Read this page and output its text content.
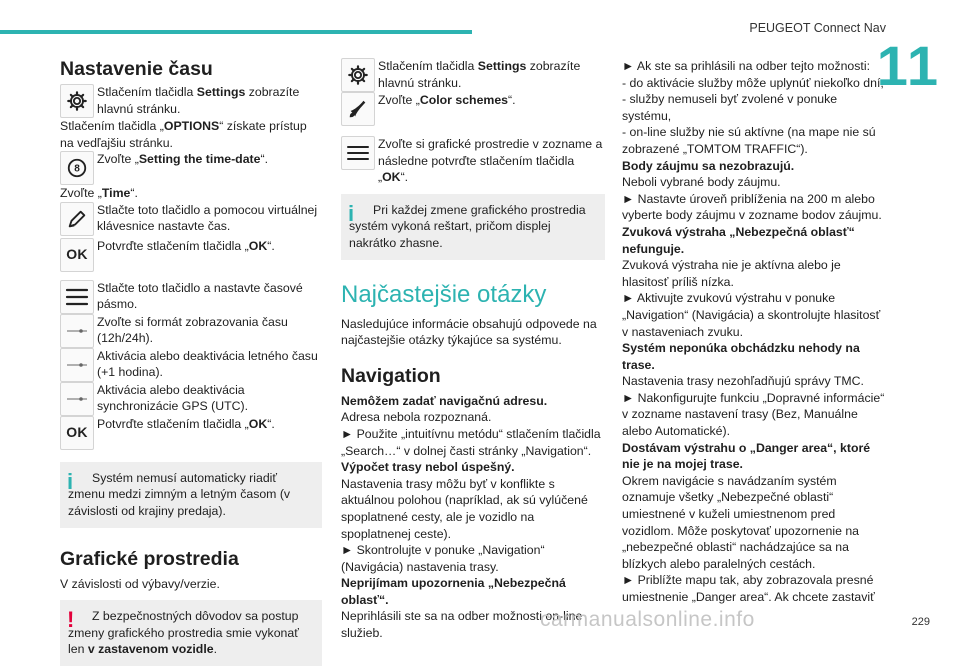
PEUGEOT Connect Nav
11
Nastavenie času

Stlačením tlačidla Settings zobrazíte hlavnú stránku.

Stlačením tlačidla „OPTIONS“ získate prístup na vedľajšiu stránku.

8

Zvoľte „Setting the time-date“.

Zvoľte „Time“.

Stlačte toto tlačidlo a pomocou virtuálnej klávesnice nastavte čas.

OK

Potvrďte stlačením tlačidla „OK“.

Stlačte toto tlačidlo a nastavte časové pásmo.

Zvoľte si formát zobrazovania času (12h/24h).

Aktivácia alebo deaktivácia letného času (+1 hodina).

Aktivácia alebo deaktivácia synchronizácie GPS (UTC).

OK

Potvrďte stlačením tlačidla „OK“.

i	Systém nemusí automaticky riadiť zmenu medzi zimným a letným časom (v závislosti od krajiny predaja).

Grafické prostredia

V závislosti od výbavy/verzie.

!	Z bezpečnostných dôvodov sa postup zmeny grafického prostredia smie vykonať len v zastavenom vozidle.

Stlačením tlačidla Settings zobrazíte hlavnú stránku.

Zvoľte „Color schemes“.

Zvoľte si grafické prostredie v zozname a následne potvrďte stlačením tlačidla „OK“.

i	Pri každej zmene grafického prostredia systém vykoná reštart, pričom displej nakrátko zhasne.

Najčastejšie otázky

Nasledujúce informácie obsahujú odpovede na najčastejšie otázky týkajúce sa systému.

Navigation

Nemôžem zadať navigačnú adresu.

Adresa nebola rozpoznaná.

► Použite „intuitívnu metódu“ stlačením tlačidla „Search…“ v dolnej časti stránky „Navigation“.

Výpočet trasy nebol úspešný.

Nastavenia trasy môžu byť v konflikte s aktuálnou polohou (napríklad, ak sú vylúčené spoplatnené cesty, ale je vozidlo na spoplatnenej ceste).

► Skontrolujte v ponuke „Navigation“ (Navigácia) nastavenia trasy.

Neprijímam upozornenia „Nebezpečná oblasť“.

Neprihlásili ste sa na odber možnosti on-line služieb.

► Ak ste sa prihlásili na odber tejto možnosti:

- do aktivácie služby môže uplynúť niekoľko dní,

- služby nemuseli byť zvolené v ponuke systému,

- on-line služby nie sú aktívne (na mape nie sú zobrazené „TOMTOM TRAFFIC“).

Body záujmu sa nezobrazujú.

Neboli vybrané body záujmu.

► Nastavte úroveň priblíženia na 200 m alebo vyberte body záujmu v zozname bodov záujmu.

Zvuková výstraha „Nebezpečná oblasť“ nefunguje.

Zvuková výstraha nie je aktívna alebo je hlasitosť príliš nízka.

► Aktivujte zvukovú výstrahu v ponuke „Navigation“ (Navigácia) a skontrolujte hlasitosť v nastaveniach zvuku.

Systém neponúka obchádzku nehody na trase.

Nastavenia trasy nezohľadňujú správy TMC.

► Nakonfigurujte funkciu „Dopravné informácie“ v zozname nastavení trasy (Bez, Manuálne alebo Automatické).

Dostávam výstrahu o „Danger area“, ktoré nie je na mojej trase.

Okrem navigácie s navádzaním systém oznamuje všetky „Nebezpečné oblasti“ umiestnené v kuželi umiestnenom pred vozidlom. Môže poskytovať upozornenie na „nebezpečné oblasti“ nachádzajúce sa na blízkych alebo paralelných cestách.

► Priblížte mapu tak, aby zobrazovala presné umiestnenie „Danger area“. Ak chcete zastaviť

carmanualsonline.info	229
